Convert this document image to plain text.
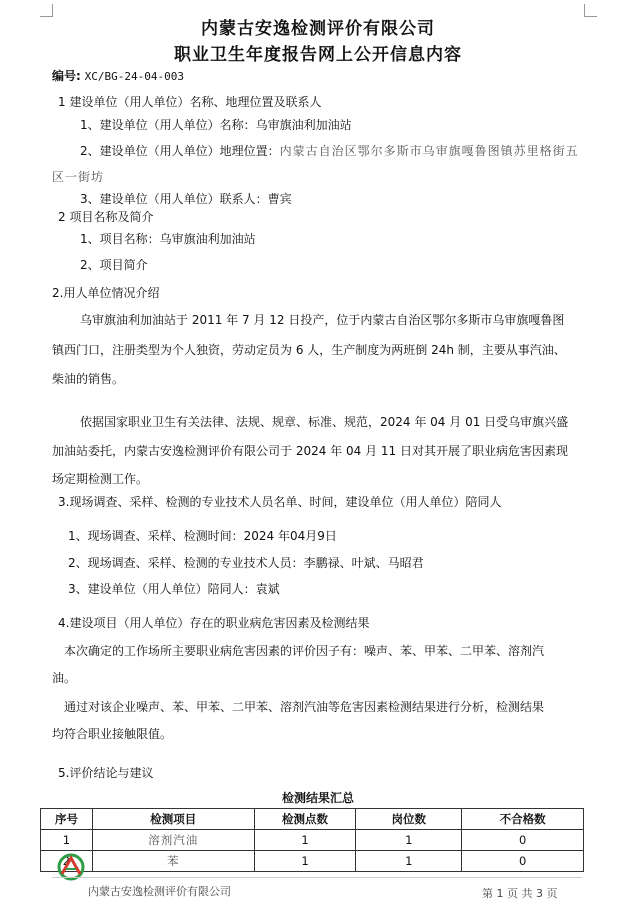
内蒙古安逸检测评价有限公司
职业卫生年度报告网上公开信息内容
编号: XC/BG-24-04-003
1 建设单位（用人单位）名称、地理位置及联系人
1、建设单位（用人单位）名称：乌审旗油利加油站
2、建设单位（用人单位）地理位置：内蒙古自治区鄂尔多斯市乌审旗嘎鲁图镇苏里格街五
区一街坊
3、建设单位（用人单位）联系人：曹宾
2 项目名称及简介
1、项目名称：乌审旗油利加油站
2、项目简介
2.用人单位情况介绍
乌审旗油利加油站于 2011 年 7 月 12 日投产，位于内蒙古自治区鄂尔多斯市乌审旗嘎鲁图
镇西门口，注册类型为个人独资，劳动定员为 6 人，生产制度为两班倒 24h 制，主要从事汽油、
柴油的销售。
依据国家职业卫生有关法律、法规、规章、标准、规范，2024 年 04 月 01 日受乌审旗兴盛
加油站委托，内蒙古安逸检测评价有限公司于 2024 年 04 月 11 日对其开展了职业病危害因素现
场定期检测工作。
3.现场调查、采样、检测的专业技术人员名单、时间，建设单位（用人单位）陪同人
1、现场调查、采样、检测时间：2024 年04月9日
2、现场调查、采样、检测的专业技术人员：李鹏禄、叶斌、马昭君
3、建设单位（用人单位）陪同人：袁斌
4.建设项目（用人单位）存在的职业病危害因素及检测结果
本次确定的工作场所主要职业病危害因素的评价因子有：噪声、苯、甲苯、二甲苯、溶剂汽
油。
通过对该企业噪声、苯、甲苯、二甲苯、溶剂汽油等危害因素检测结果进行分析，检测结果
均符合职业接触限值。
5.评价结论与建议
检测结果汇总
序号	检测项目	检测点数	岗位数	不合格数
1	溶剂汽油	1	1	0
2	苯	1	1	0
内蒙古安逸检测评价有限公司	第 1 页 共 3 页
